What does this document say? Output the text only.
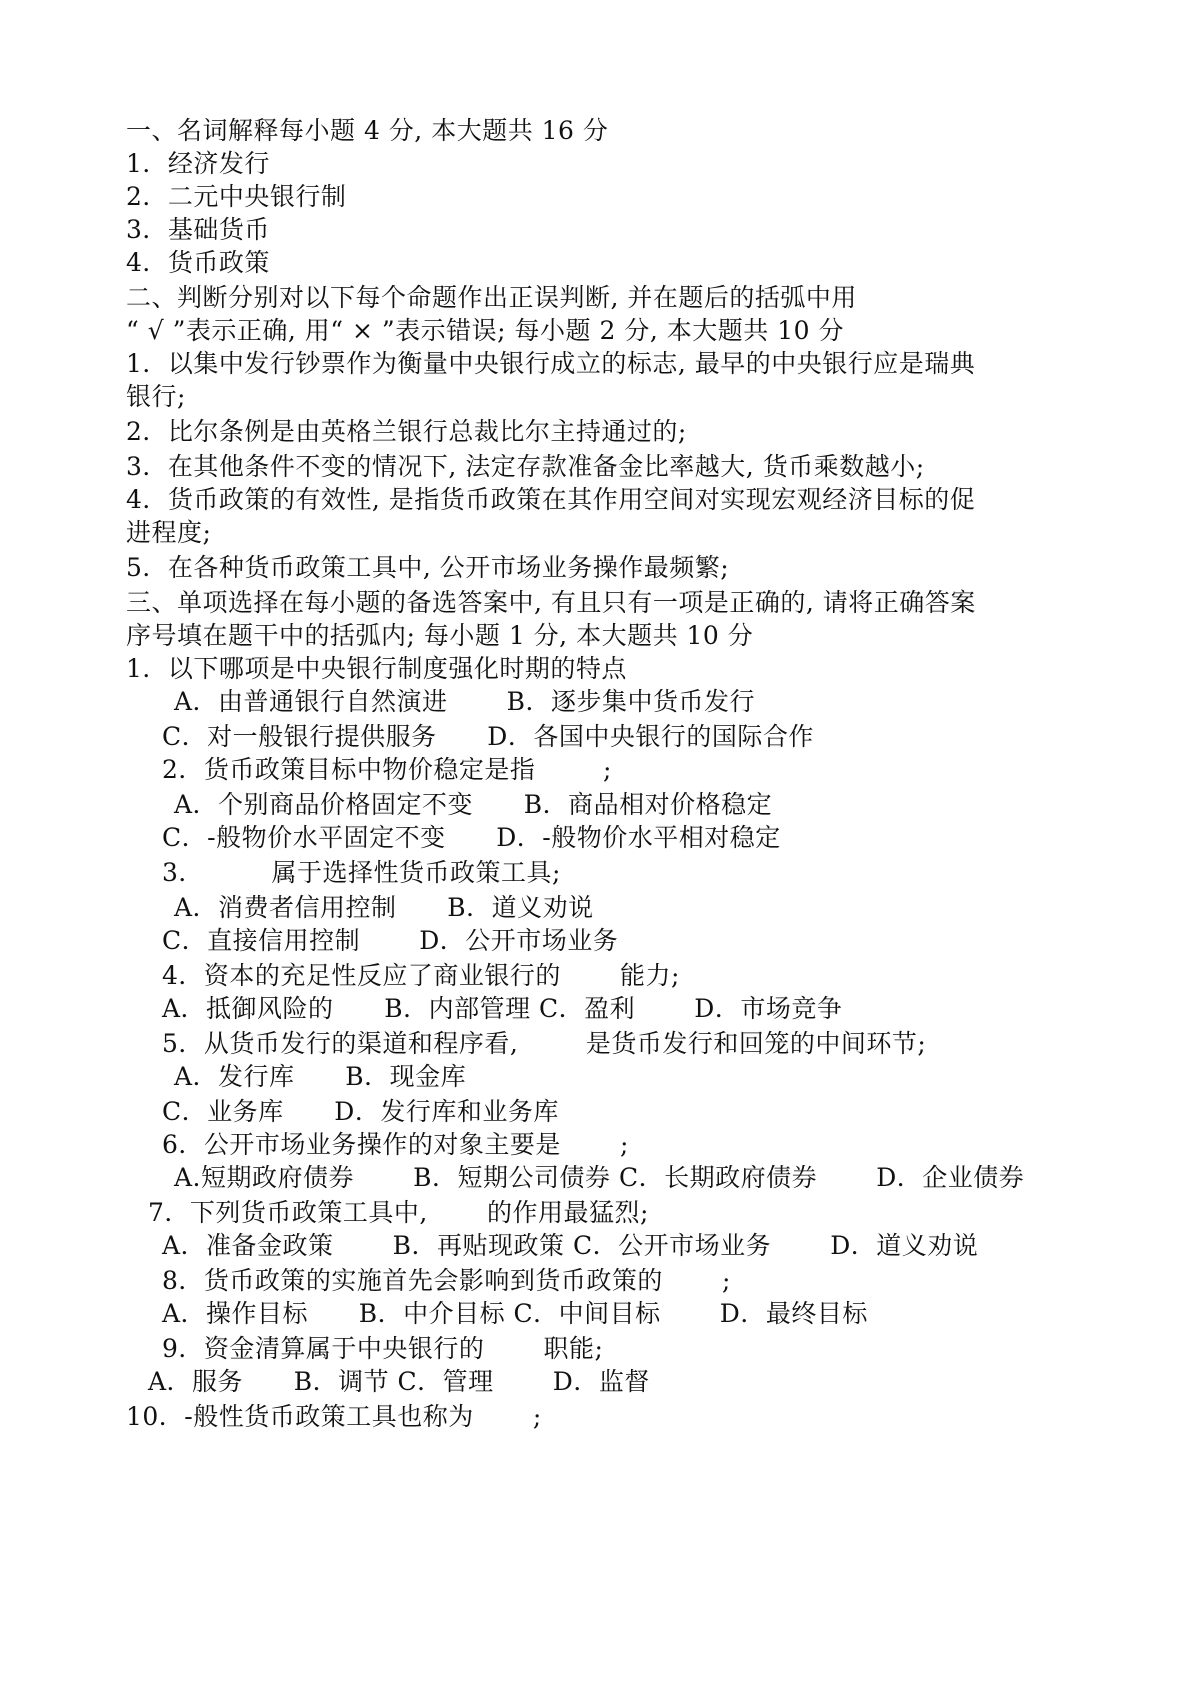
一、名词解释每小题 4 分, 本大题共 16 分
1．经济发行
2．二元中央银行制
3．基础货币
4．货币政策
二、判断分别对以下每个命题作出正误判断, 并在题后的括弧中用
“ √ ”表示正确, 用“ × ”表示错误; 每小题 2 分, 本大题共 10 分
1．以集中发行钞票作为衡量中央银行成立的标志, 最早的中央银行应是瑞典
银行;
2．比尔条例是由英格兰银行总裁比尔主持通过的;
3．在其他条件不变的情况下, 法定存款准备金比率越大, 货币乘数越小;
4．货币政策的有效性, 是指货币政策在其作用空间对实现宏观经济目标的促
进程度;
5．在各种货币政策工具中, 公开市场业务操作最频繁;
三、单项选择在每小题的备选答案中, 有且只有一项是正确的, 请将正确答案
序号填在题干中的括弧内; 每小题 1 分, 本大题共 10 分
1．以下哪项是中央银行制度强化时期的特点
A．由普通银行自然演进       B．逐步集中货币发行
C．对一般银行提供服务      D．各国中央银行的国际合作
2．货币政策目标中物价稳定是指        ;
A．个别商品价格固定不变      B．商品相对价格稳定
C．-般物价水平固定不变      D．-般物价水平相对稳定
3．        属于选择性货币政策工具;
A．消费者信用控制      B．道义劝说
C．直接信用控制       D．公开市场业务
4．资本的充足性反应了商业银行的       能力;
A．抵御风险的      B．内部管理 C．盈利       D．市场竞争
5．从货币发行的渠道和程序看,        是货币发行和回笼的中间环节;
A．发行库      B．现金库
C．业务库      D．发行库和业务库
6．公开市场业务操作的对象主要是       ;
A.短期政府债券       B．短期公司债券 C．长期政府债券       D．企业债券
7．下列货币政策工具中,       的作用最猛烈;
A．准备金政策       B．再贴现政策 C．公开市场业务       D．道义劝说
8．货币政策的实施首先会影响到货币政策的       ;
A．操作目标      B．中介目标 C．中间目标       D．最终目标
9．资金清算属于中央银行的       职能;
A．服务      B．调节 C．管理       D．监督
10．-般性货币政策工具也称为       ;
